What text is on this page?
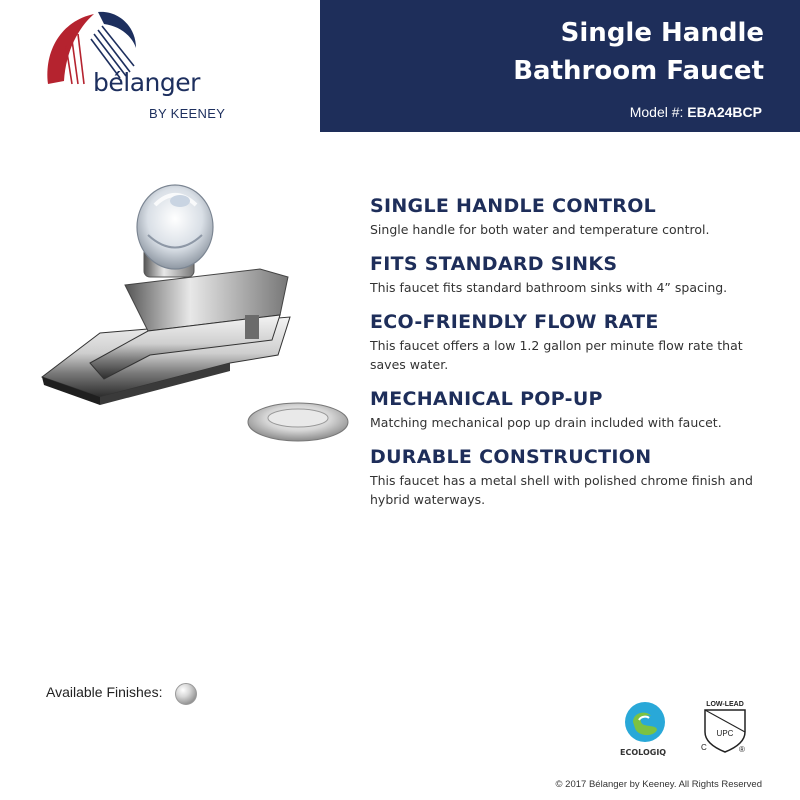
bélanger
BY KEENEY
Single Handle
Bathroom Faucet
Model #: EBA24BCP
SINGLE HANDLE CONTROL
Single handle for both water and temperature control.
FITS STANDARD SINKS
This faucet fits standard bathroom sinks with 4” spacing.
ECO-FRIENDLY FLOW RATE
This faucet offers a low 1.2 gallon per minute flow rate that saves water.
MECHANICAL POP-UP
Matching mechanical pop up drain included with faucet.
DURABLE CONSTRUCTION
This faucet has a metal shell with polished chrome finish and hybrid waterways.
Available Finishes:
ECOLOGIQ
LOW-LEAD
UPC
C	®
© 2017 Bélanger by Keeney. All Rights Reserved
